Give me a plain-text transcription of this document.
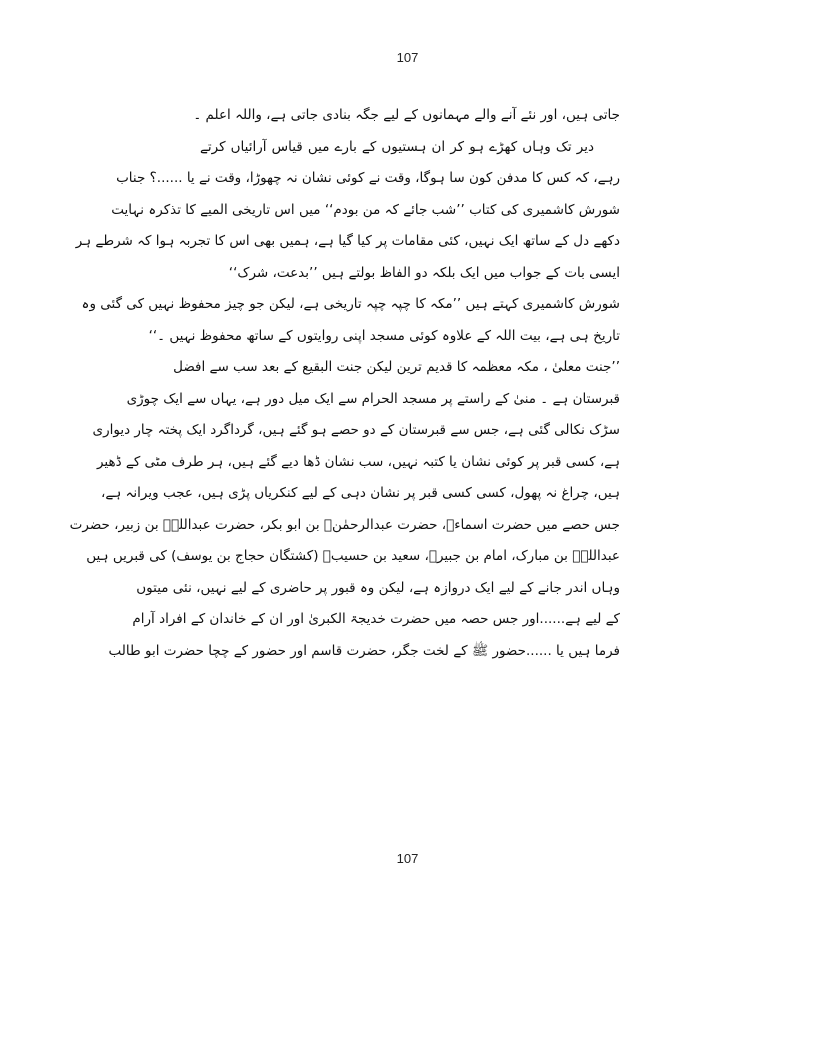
107
جاتی ہیں، اور نئے آنے والے مہمانوں کے لیے جگہ بنادی جاتی ہے، واللہ اعلم ۔
دیر تک وہاں کھڑے ہو کر ان ہستیوں کے بارے میں قیاس آرائیاں کرتے
رہے، کہ کس کا مدفن کون سا ہوگا، وقت نے کوئی نشان نہ چھوڑا، وقت نے یا ......؟ جناب
شورش کاشمیری کی کتاب ’’شب جائے کہ من بودم‘‘ میں اس تاریخی المیے کا تذکرہ نہایت
دکھے دل کے ساتھ ایک نہیں، کئی مقامات پر کیا گیا ہے، ہمیں بھی اس کا تجربہ ہوا کہ شرطے ہر
ایسی بات کے جواب میں ایک بلکہ دو الفاظ بولتے ہیں ’’بدعت، شرک‘‘
شورش کاشمیری کہتے ہیں ’’مکہ کا چپہ چپہ تاریخی ہے، لیکن جو چیز محفوظ نہیں کی گئی وہ
تاریخ ہی ہے، بیت اللہ کے علاوہ کوئی مسجد اپنی روایتوں کے ساتھ محفوظ نہیں ۔‘‘
’’جنت معلیٰ ، مکہ معظمہ کا قدیم ترین لیکن جنت البقیع کے بعد سب سے افضل
قبرستان ہے ۔ منیٰ کے راستے پر مسجد الحرام سے ایک میل دور ہے، یہاں سے ایک چوڑی
سڑک نکالی گئی ہے، جس سے قبرستان کے دو حصے ہو گئے ہیں، گرداگرد ایک پختہ چار دیواری
ہے، کسی قبر پر کوئی نشان یا کتبہ نہیں، سب نشان ڈھا دیے گئے ہیں، ہر طرف مٹی کے ڈھیر
ہیں، چراغ نہ پھول، کسی کسی قبر پر نشان دہی کے لیے کنکریاں پڑی ہیں، عجب ویرانہ ہے،
جس حصے میں حضرت اسماءؓ، حضرت عبدالرحمٰنؓ بن ابو بکر، حضرت عبداللہؓ بن زبیر، حضرت
عبداللہؓ بن مبارک، امام بن جبیرؒ، سعید بن حسیبؒ (کشتگان حجاج بن یوسف) کی قبریں ہیں
وہاں اندر جانے کے لیے ایک دروازہ ہے، لیکن وہ قبور پر حاضری کے لیے نہیں، نئی میتوں
کے لیے ہے......اور جس حصہ میں حضرت خدیجۃ الکبریٰ اور ان کے خاندان کے افراد آرام
فرما ہیں یا ......حضور ﷺ کے لخت جگر، حضرت قاسم اور حضور کے چچا حضرت ابو طالب
107
